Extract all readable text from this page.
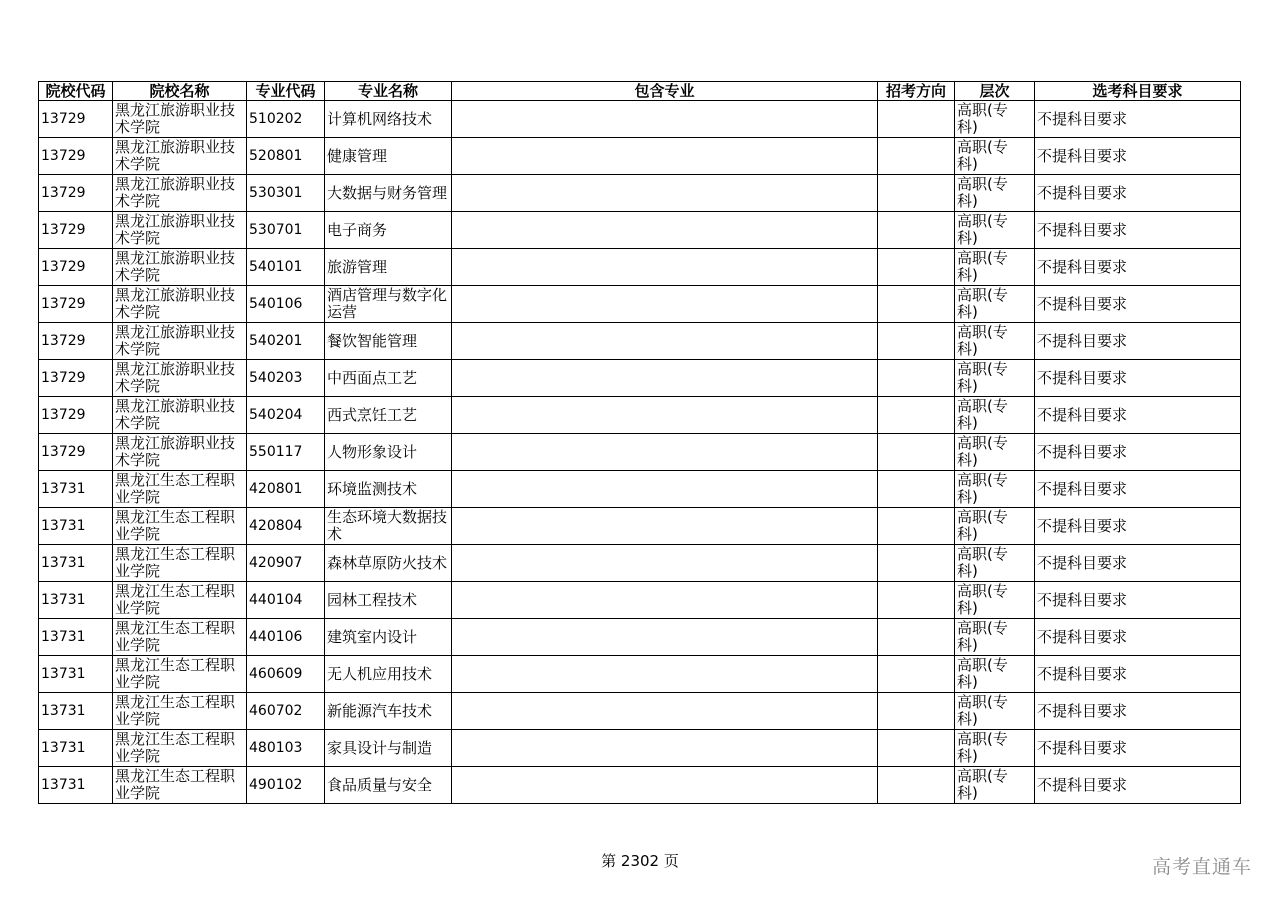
院校代码	院校名称	专业代码	专业名称	包含专业	招考方向	层次	选考科目要求
13729	黑龙江旅游职业技术学院	510202	计算机网络技术			高职(专科)	不提科目要求
13729	黑龙江旅游职业技术学院	520801	健康管理			高职(专科)	不提科目要求
13729	黑龙江旅游职业技术学院	530301	大数据与财务管理			高职(专科)	不提科目要求
13729	黑龙江旅游职业技术学院	530701	电子商务			高职(专科)	不提科目要求
13729	黑龙江旅游职业技术学院	540101	旅游管理			高职(专科)	不提科目要求
13729	黑龙江旅游职业技术学院	540106	酒店管理与数字化运营			高职(专科)	不提科目要求
13729	黑龙江旅游职业技术学院	540201	餐饮智能管理			高职(专科)	不提科目要求
13729	黑龙江旅游职业技术学院	540203	中西面点工艺			高职(专科)	不提科目要求
13729	黑龙江旅游职业技术学院	540204	西式烹饪工艺			高职(专科)	不提科目要求
13729	黑龙江旅游职业技术学院	550117	人物形象设计			高职(专科)	不提科目要求
13731	黑龙江生态工程职业学院	420801	环境监测技术			高职(专科)	不提科目要求
13731	黑龙江生态工程职业学院	420804	生态环境大数据技术			高职(专科)	不提科目要求
13731	黑龙江生态工程职业学院	420907	森林草原防火技术			高职(专科)	不提科目要求
13731	黑龙江生态工程职业学院	440104	园林工程技术			高职(专科)	不提科目要求
13731	黑龙江生态工程职业学院	440106	建筑室内设计			高职(专科)	不提科目要求
13731	黑龙江生态工程职业学院	460609	无人机应用技术			高职(专科)	不提科目要求
13731	黑龙江生态工程职业学院	460702	新能源汽车技术			高职(专科)	不提科目要求
13731	黑龙江生态工程职业学院	480103	家具设计与制造			高职(专科)	不提科目要求
13731	黑龙江生态工程职业学院	490102	食品质量与安全			高职(专科)	不提科目要求
第 2302 页	高考直通车
